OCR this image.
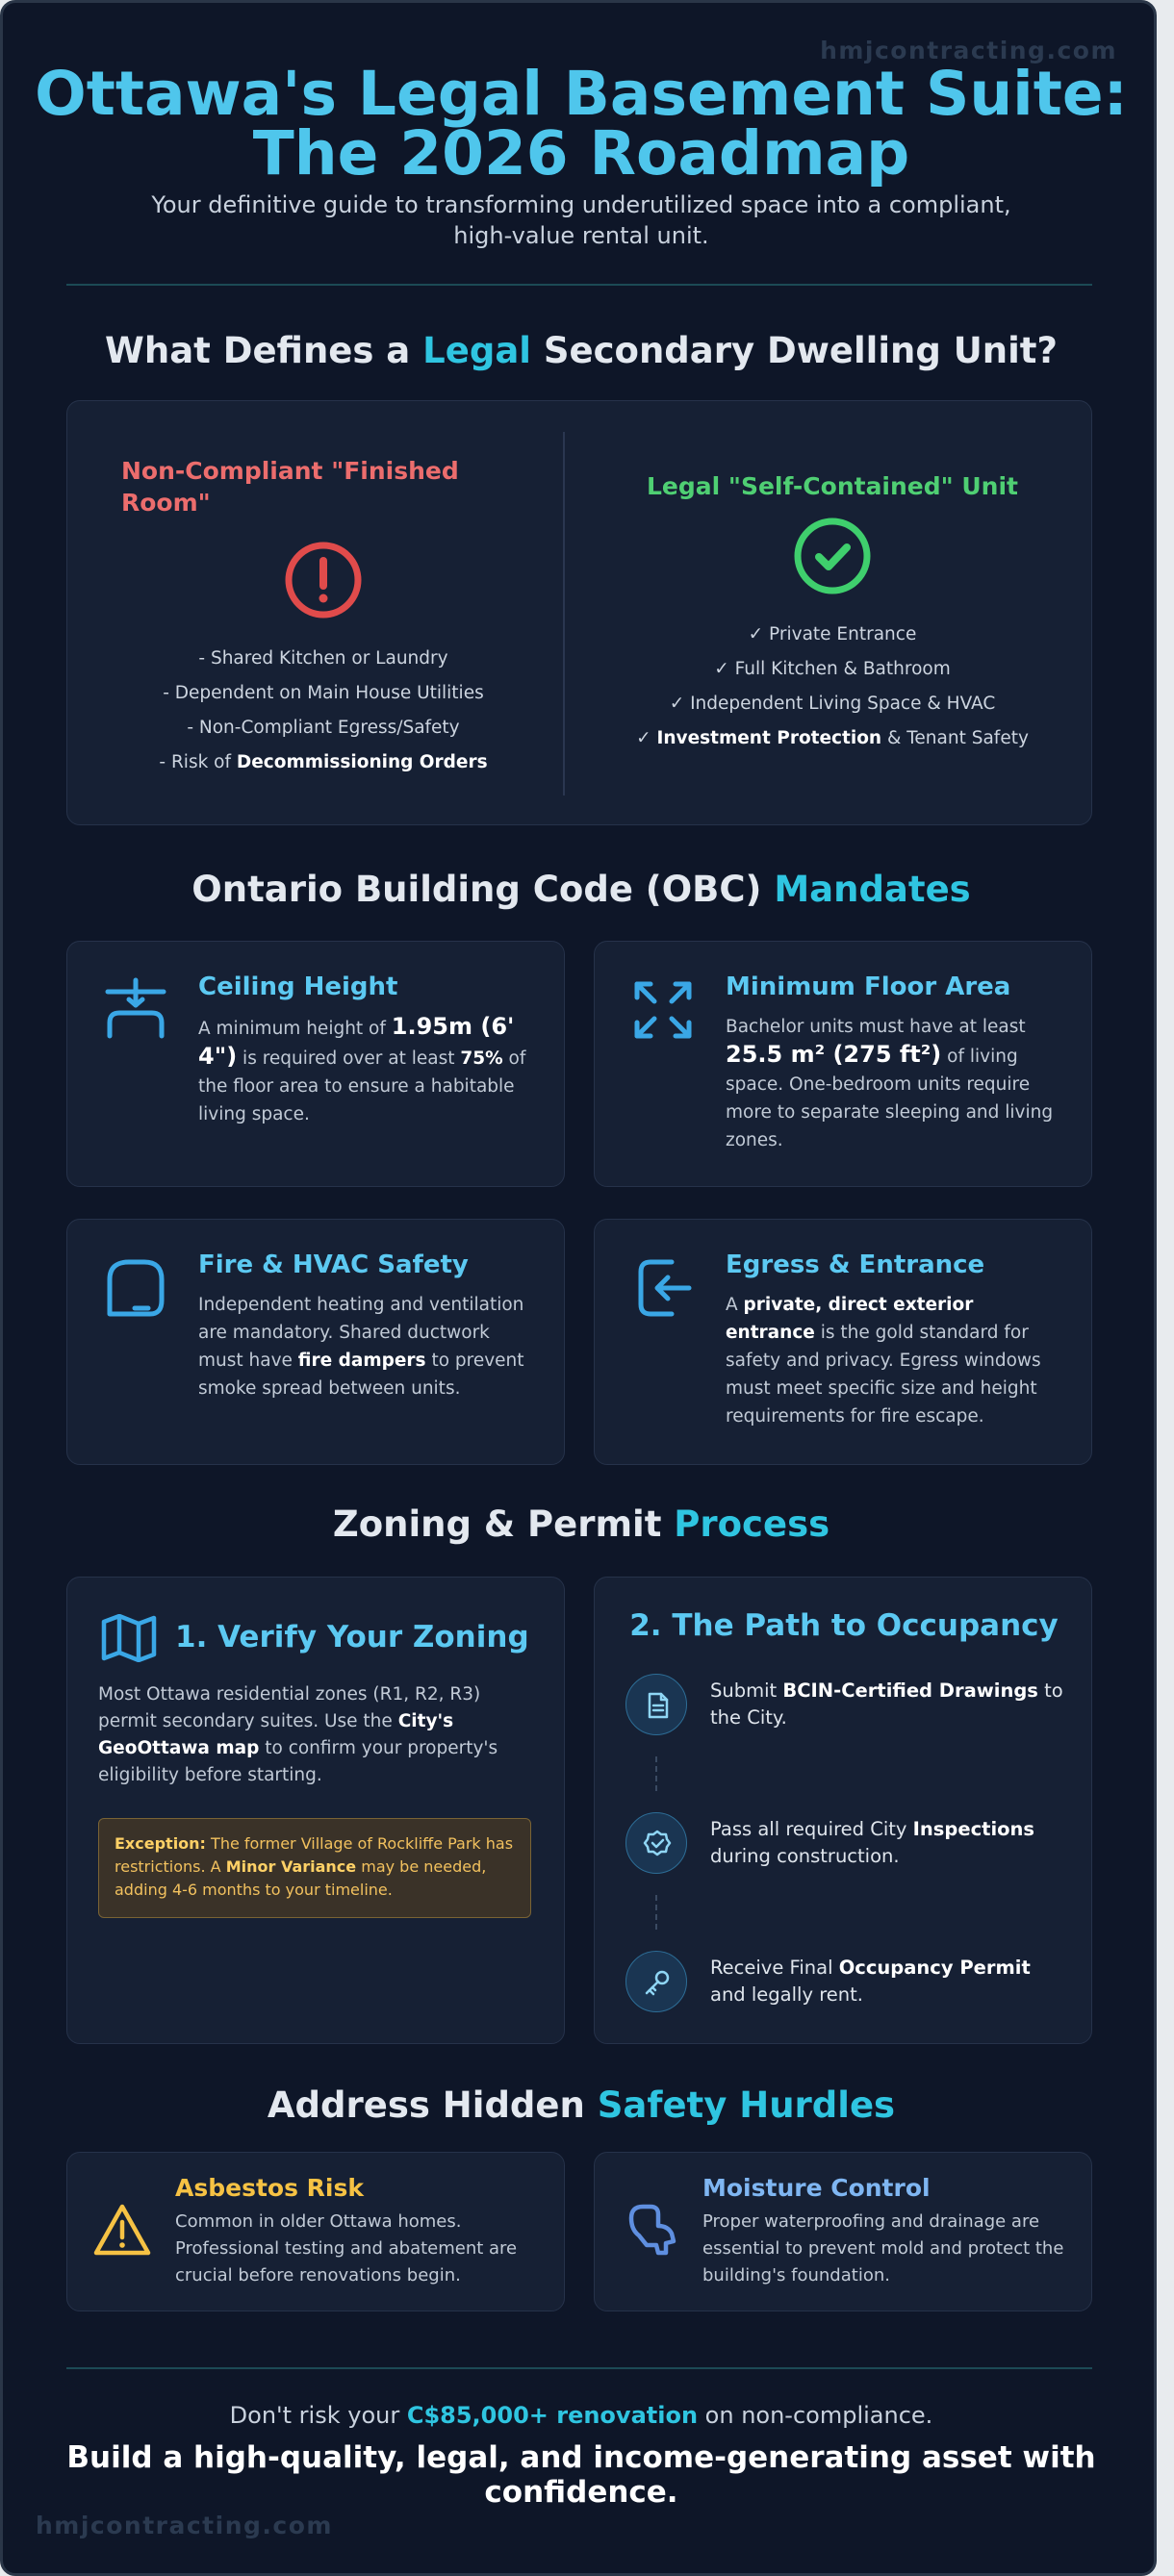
hmjcontracting.com
Ottawa's Legal Basement Suite:
The 2026 Roadmap
Your definitive guide to transforming underutilized space into a compliant,
high-value rental unit.
What Defines a Legal Secondary Dwelling Unit?
Non-Compliant "Finished
Room"
- Shared Kitchen or Laundry
- Dependent on Main House Utilities
- Non-Compliant Egress/Safety
- Risk of Decommissioning Orders
Legal "Self-Contained" Unit
✓ Private Entrance
✓ Full Kitchen & Bathroom
✓ Independent Living Space & HVAC
✓ Investment Protection & Tenant Safety
Ontario Building Code (OBC) Mandates
Ceiling Height
A minimum height of 1.95m (6' 4") is required over at least 75% of the floor area to ensure a habitable living space.
Minimum Floor Area
Bachelor units must have at least 25.5 m² (275 ft²) of living space. One-bedroom units require more to separate sleeping and living zones.
Fire & HVAC Safety
Independent heating and ventilation are mandatory. Shared ductwork must have fire dampers to prevent smoke spread between units.
Egress & Entrance
A private, direct exterior entrance is the gold standard for safety and privacy. Egress windows must meet specific size and height requirements for fire escape.
Zoning & Permit Process
1. Verify Your Zoning
Most Ottawa residential zones (R1, R2, R3) permit secondary suites. Use the City's GeoOttawa map to confirm your property's eligibility before starting.
Exception: The former Village of Rockliffe Park has restrictions. A Minor Variance may be needed, adding 4-6 months to your timeline.
2. The Path to Occupancy
Submit BCIN-Certified Drawings to the City.
Pass all required City Inspections during construction.
Receive Final Occupancy Permit and legally rent.
Address Hidden Safety Hurdles
Asbestos Risk
Common in older Ottawa homes. Professional testing and abatement are crucial before renovations begin.
Moisture Control
Proper waterproofing and drainage are essential to prevent mold and protect the building's foundation.
Don't risk your C$85,000+ renovation on non-compliance.
Build a high-quality, legal, and income-generating asset with confidence.
hmjcontracting.com
